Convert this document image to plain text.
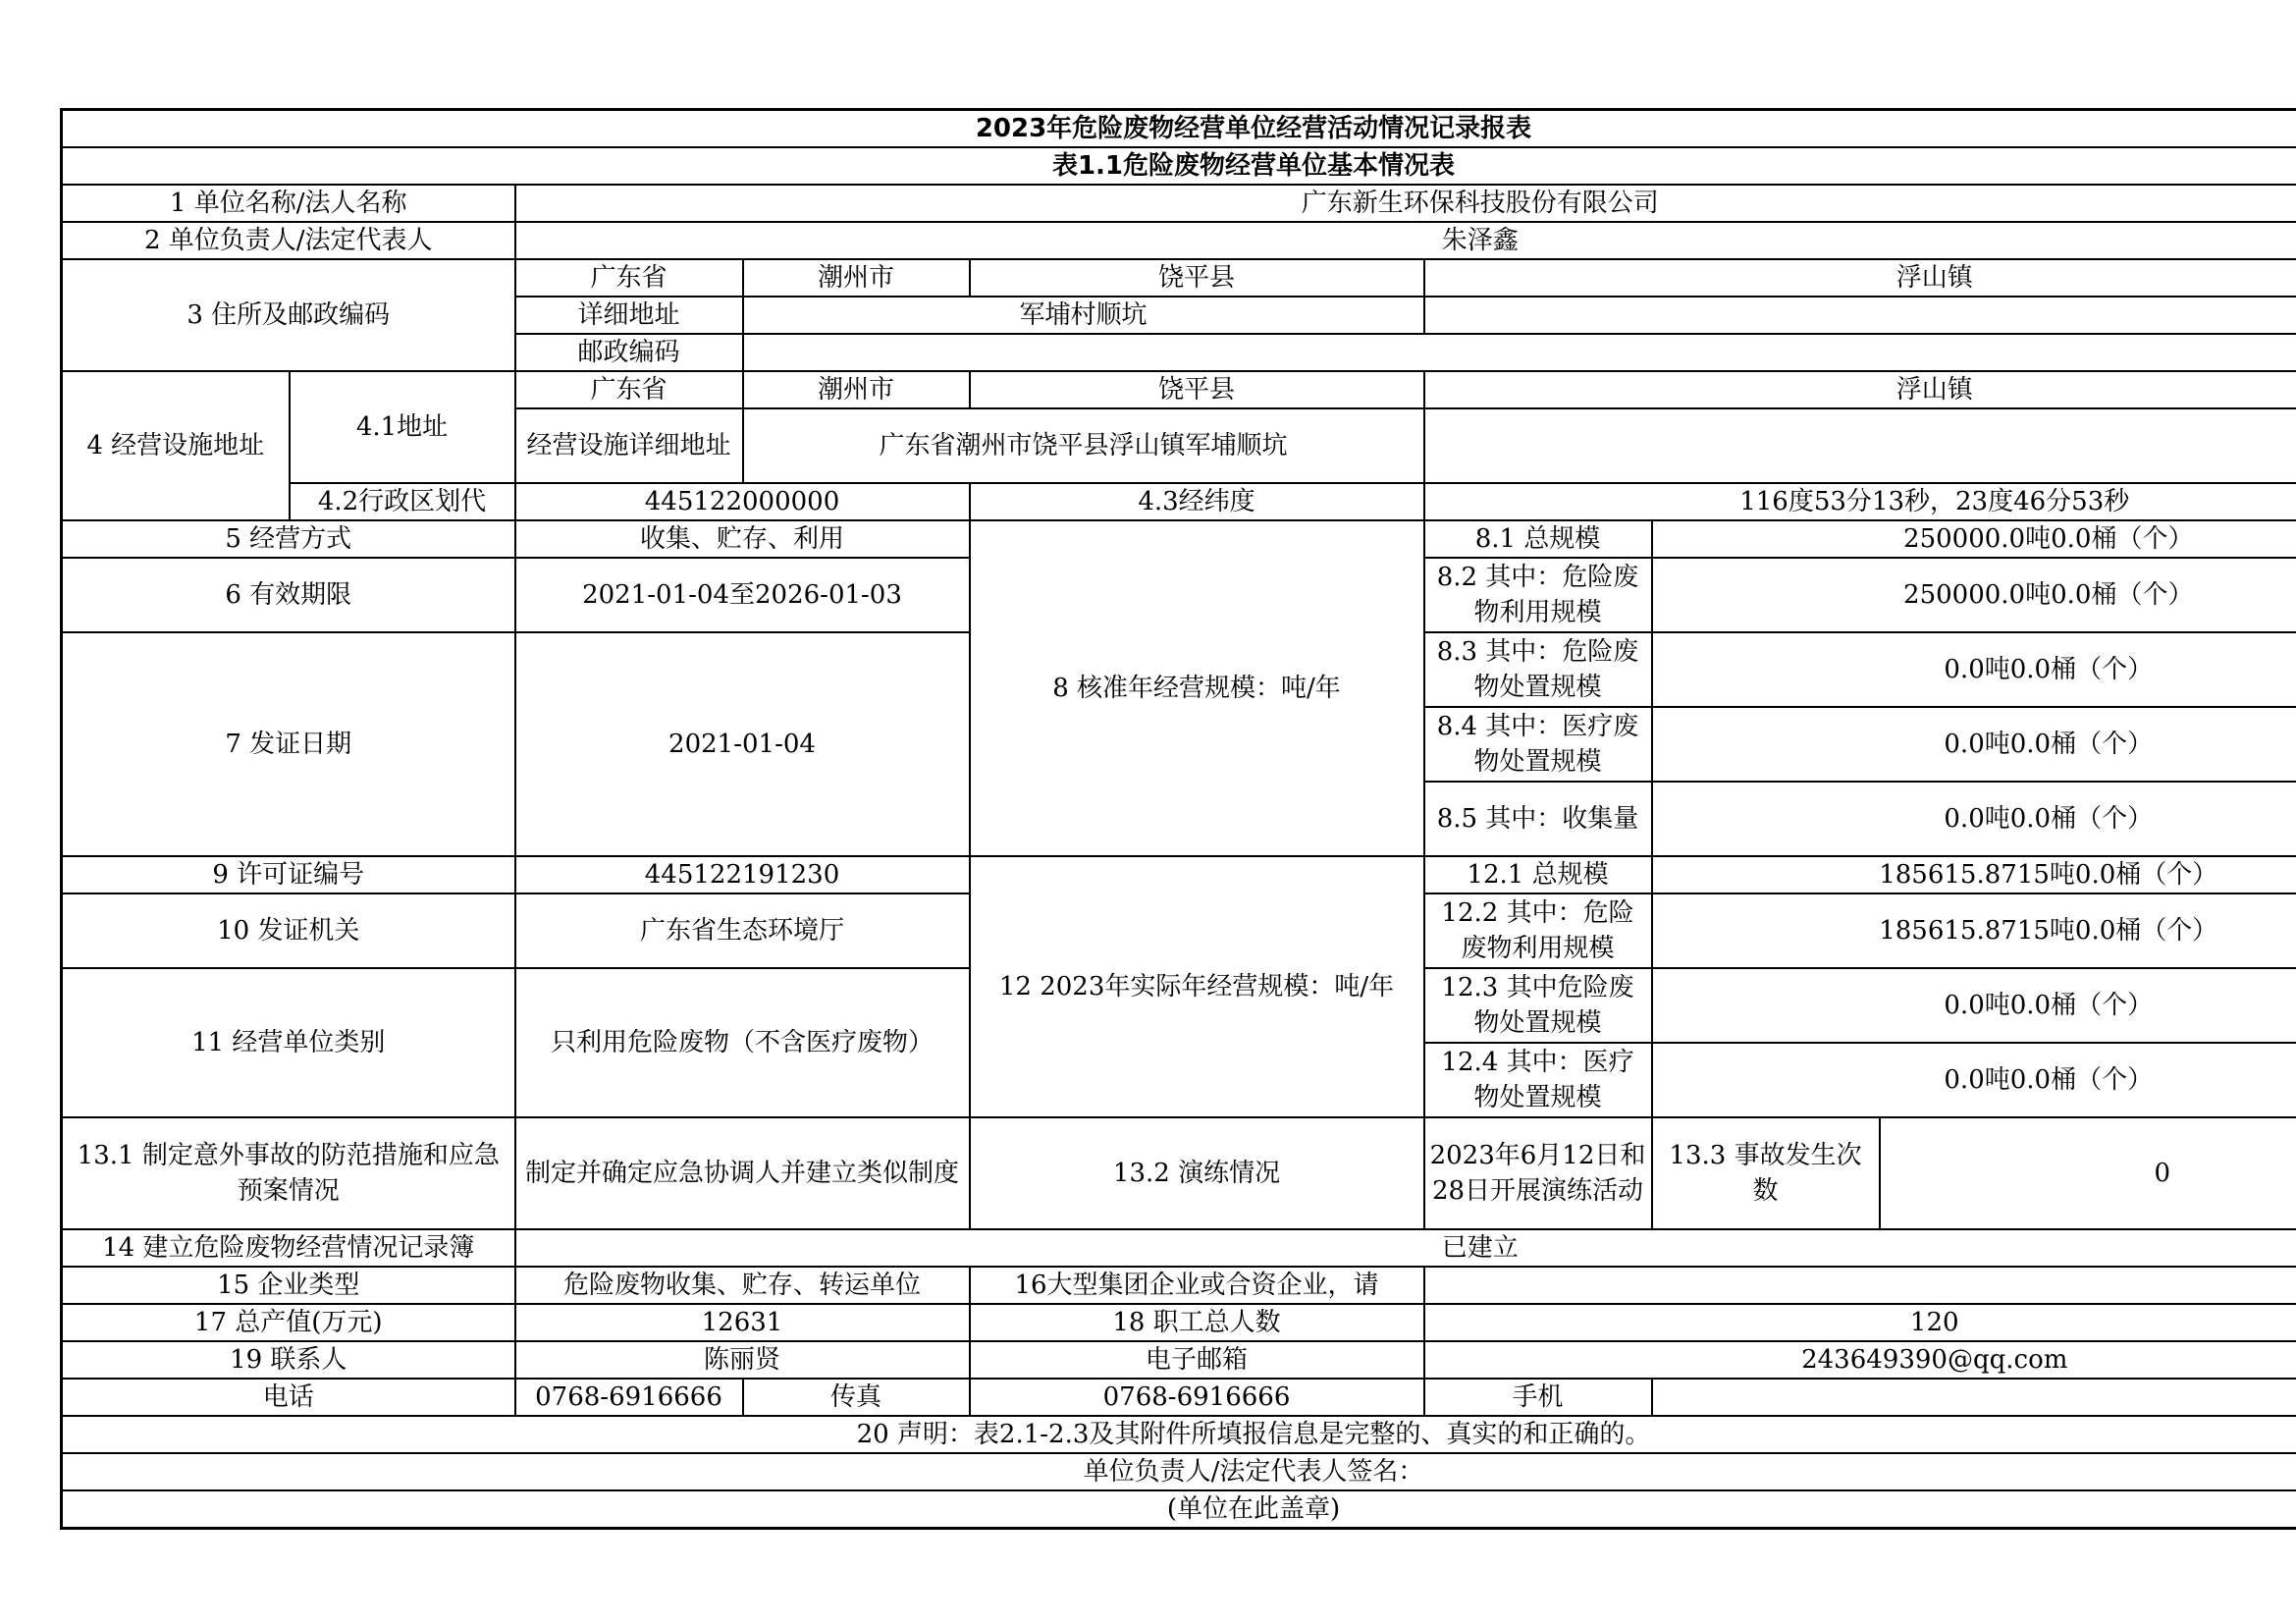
2023年危险废物经营单位经营活动情况记录报表							
表1.1危险废物经营单位基本情况表							
1 单位名称/法人名称		广东新生环保科技股份有限公司					
2 单位负责人/法定代表人		朱泽鑫					
3 住所及邮政编码		广东省	潮州市	饶平县	浮山镇		
		详细地址	军埔村顺坑				
		邮政编码					
4 经营设施地址	4.1地址	广东省	潮州市	饶平县	浮山镇		
		经营设施详细地址	广东省潮州市饶平县浮山镇军埔顺坑				

	4.2行政区划代	445122000000		4.3经纬度	116度53分13秒，23度46分53秒		
5 经营方式		收集、贮存、利用		8 核准年经营规模：吨/年	8.1 总规模	250000.0吨0.0桶（个）	
6 有效期限		2021-01-04至2026-01-03			8.2 其中：危险废物利用规模	250000.0吨0.0桶（个）	

7 发证日期		2021-01-04			8.3 其中：危险废物处置规模	0.0吨0.0桶（个）	

					8.4 其中：医疗废物处置规模	0.0吨0.0桶（个）	

					8.5 其中：收集量	0.0吨0.0桶（个）	

9 许可证编号		445122191230		12 2023年实际年经营规模：吨/年	12.1 总规模	185615.8715吨0.0桶（个）	
10 发证机关		广东省生态环境厅			12.2 其中：危险废物利用规模	185615.8715吨0.0桶（个）	

11 经营单位类别		只利用危险废物（不含医疗废物）			12.3 其中危险废物处置规模	0.0吨0.0桶（个）	

					12.4 其中：医疗物处置规模	0.0吨0.0桶（个）	

13.1 制定意外事故的防范措施和应急预案情况		制定并确定应急协调人并建立类似制度		13.2 演练情况	2023年6月12日和28日开展演练活动	13.3 事故发生次数	0

14 建立危险废物经营情况记录簿		已建立					
15 企业类型		危险废物收集、贮存、转运单位		16大型集团企业或合资企业，请			
17 总产值(万元)		12631		18 职工总人数	120		
19 联系人		陈丽贤		电子邮箱	243649390@qq.com		
电话		0768-6916666	传真	0768-6916666	手机		
20 声明：表2.1-2.3及其附件所填报信息是完整的、真实的和正确的。							
单位负责人/法定代表人签名：							
(单位在此盖章)							
